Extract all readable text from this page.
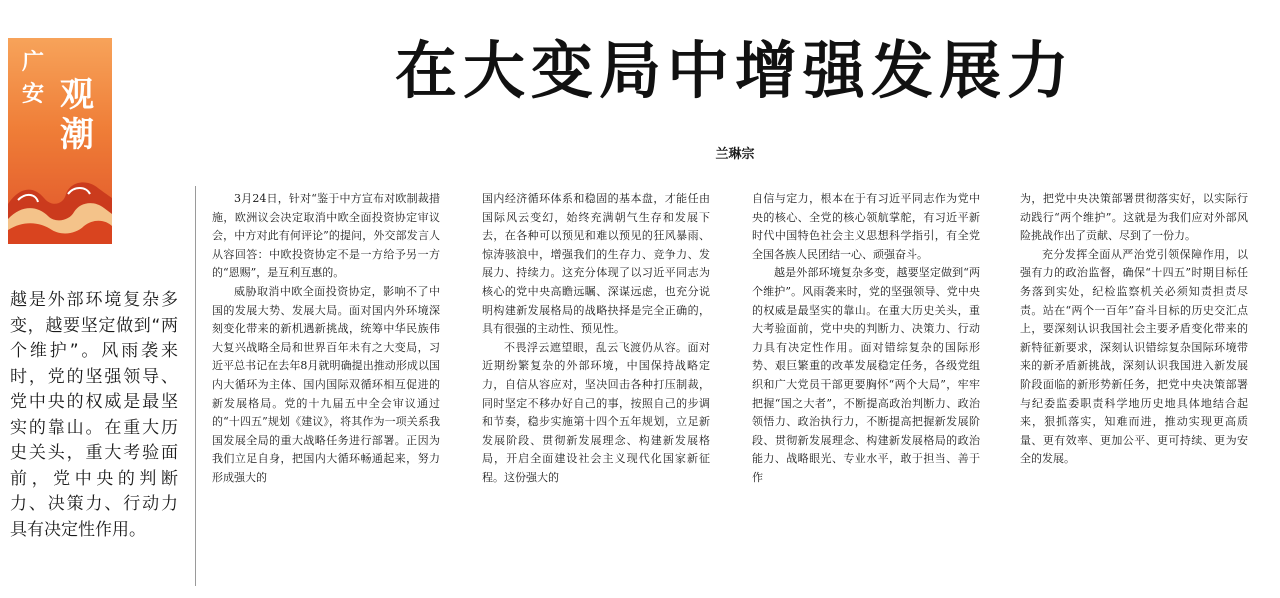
广
安 观
潮
在大变局中增强发展力
兰琳宗

越是外部环境复杂多变，越要坚定做到“两个维护”。风雨袭来时，党的坚强领导、党中央的权威是最坚实的靠山。在重大历史关头，重大考验面前，党中央的判断力、决策力、行动力具有决定性作用。

3月24日，针对“鉴于中方宣布对欧制裁措施，欧洲议会决定取消中欧全面投资协定审议会，中方对此有何评论”的提问，外交部发言人从容回答：中欧投资协定不是一方给予另一方的“恩赐”，是互利互惠的。

威胁取消中欧全面投资协定，影响不了中国的发展大势、发展大局。面对国内外环境深刻变化带来的新机遇新挑战，统筹中华民族伟大复兴战略全局和世界百年未有之大变局，习近平总书记在去年8月就明确提出推动形成以国内大循环为主体、国内国际双循环相互促进的新发展格局。党的十九届五中全会审议通过的“十四五”规划《建议》，将其作为一项关系我国发展全局的重大战略任务进行部署。正因为我们立足自身，把国内大循环畅通起来，努力形成强大的

国内经济循环体系和稳固的基本盘，才能任由国际风云变幻，始终充满朝气生存和发展下去，在各种可以预见和难以预见的狂风暴雨、惊涛骇浪中，增强我们的生存力、竞争力、发展力、持续力。这充分体现了以习近平同志为核心的党中央高瞻远瞩、深谋远虑，也充分说明构建新发展格局的战略抉择是完全正确的，具有很强的主动性、预见性。

不畏浮云遮望眼，乱云飞渡仍从容。面对近期纷繁复杂的外部环境，中国保持战略定力，自信从容应对，坚决回击各种打压制裁，同时坚定不移办好自己的事，按照自己的步调和节奏，稳步实施第十四个五年规划，立足新发展阶段、贯彻新发展理念、构建新发展格局，开启全面建设社会主义现代化国家新征程。这份强大的

自信与定力，根本在于有习近平同志作为党中央的核心、全党的核心领航掌舵，有习近平新时代中国特色社会主义思想科学指引，有全党全国各族人民团结一心、顽强奋斗。

越是外部环境复杂多变，越要坚定做到“两个维护”。风雨袭来时，党的坚强领导、党中央的权威是最坚实的靠山。在重大历史关头，重大考验面前，党中央的判断力、决策力、行动力具有决定性作用。面对错综复杂的国际形势、艰巨繁重的改革发展稳定任务，各级党组织和广大党员干部更要胸怀“两个大局”，牢牢把握“国之大者”，不断提高政治判断力、政治领悟力、政治执行力，不断提高把握新发展阶段、贯彻新发展理念、构建新发展格局的政治能力、战略眼光、专业水平，敢于担当、善于作

为，把党中央决策部署贯彻落实好，以实际行动践行“两个维护”。这就是为我们应对外部风险挑战作出了贡献、尽到了一份力。

充分发挥全面从严治党引领保障作用，以强有力的政治监督，确保“十四五”时期目标任务落到实处，纪检监察机关必须知责担责尽责。站在“两个一百年”奋斗目标的历史交汇点上，要深刻认识我国社会主要矛盾变化带来的新特征新要求，深刻认识错综复杂国际环境带来的新矛盾新挑战，深刻认识我国进入新发展阶段面临的新形势新任务，把党中央决策部署与纪委监委职责科学地历史地具体地结合起来，狠抓落实，知难而进，推动实现更高质量、更有效率、更加公平、更可持续、更为安全的发展。
